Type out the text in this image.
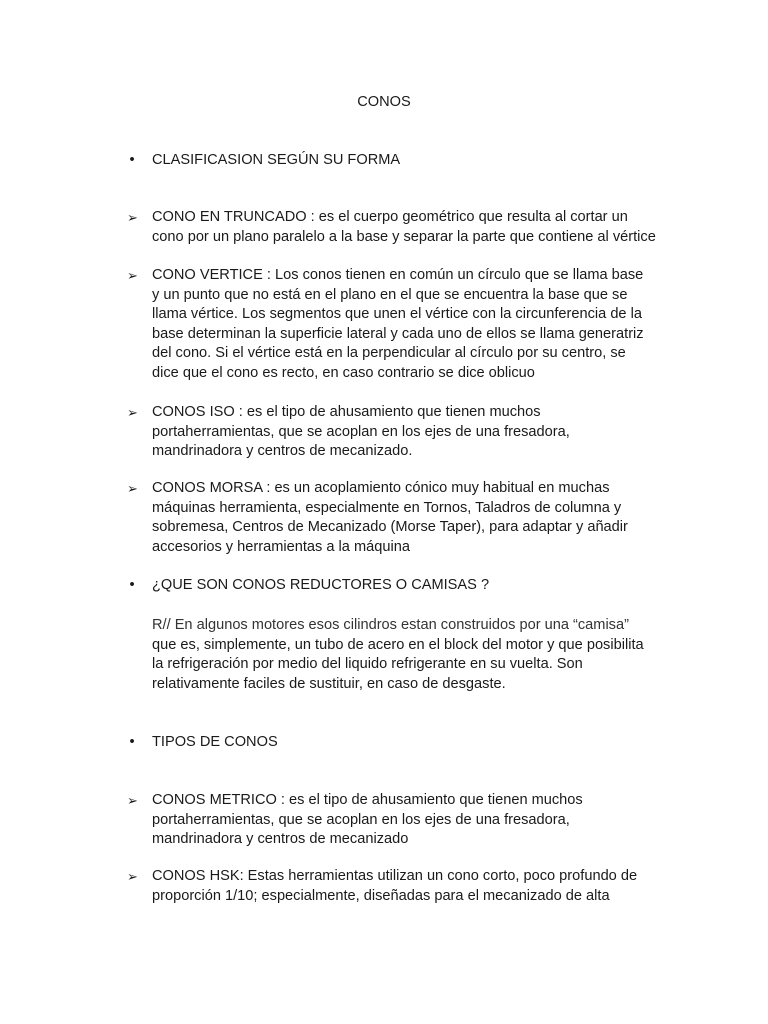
CONOS
• CLASIFICASION SEGÚN SU FORMA
➢ CONO EN TRUNCADO : es el cuerpo geométrico que resulta al cortar un
cono por un plano paralelo a la base y separar la parte que contiene al vértice
➢ CONO VERTICE : Los conos tienen en común un círculo que se llama base
y un punto que no está en el plano en el que se encuentra la base que se
llama vértice. Los segmentos que unen el vértice con la circunferencia de la
base determinan la superficie lateral y cada uno de ellos se llama generatriz
del cono. Si el vértice está en la perpendicular al círculo por su centro, se
dice que el cono es recto, en caso contrario se dice oblicuo
➢ CONOS ISO : es el tipo de ahusamiento que tienen muchos
portaherramientas, que se acoplan en los ejes de una fresadora,
mandrinadora y centros de mecanizado.
➢ CONOS MORSA : es un acoplamiento cónico muy habitual en muchas
máquinas herramienta, especialmente en Tornos, Taladros de columna y
sobremesa, Centros de Mecanizado (Morse Taper), para adaptar y añadir
accesorios y herramientas a la máquina
• ¿QUE SON CONOS REDUCTORES O CAMISAS ?
R// En algunos motores esos cilindros estan construidos por una “camisa”
que es, simplemente, un tubo de acero en el block del motor y que posibilita
la refrigeración por medio del liquido refrigerante en su vuelta. Son
relativamente faciles de sustituir, en caso de desgaste.
• TIPOS DE CONOS
➢ CONOS METRICO : es el tipo de ahusamiento que tienen muchos
portaherramientas, que se acoplan en los ejes de una fresadora,
mandrinadora y centros de mecanizado
➢ CONOS HSK: Estas herramientas utilizan un cono corto, poco profundo de
proporción 1/10; especialmente, diseñadas para el mecanizado de alta
